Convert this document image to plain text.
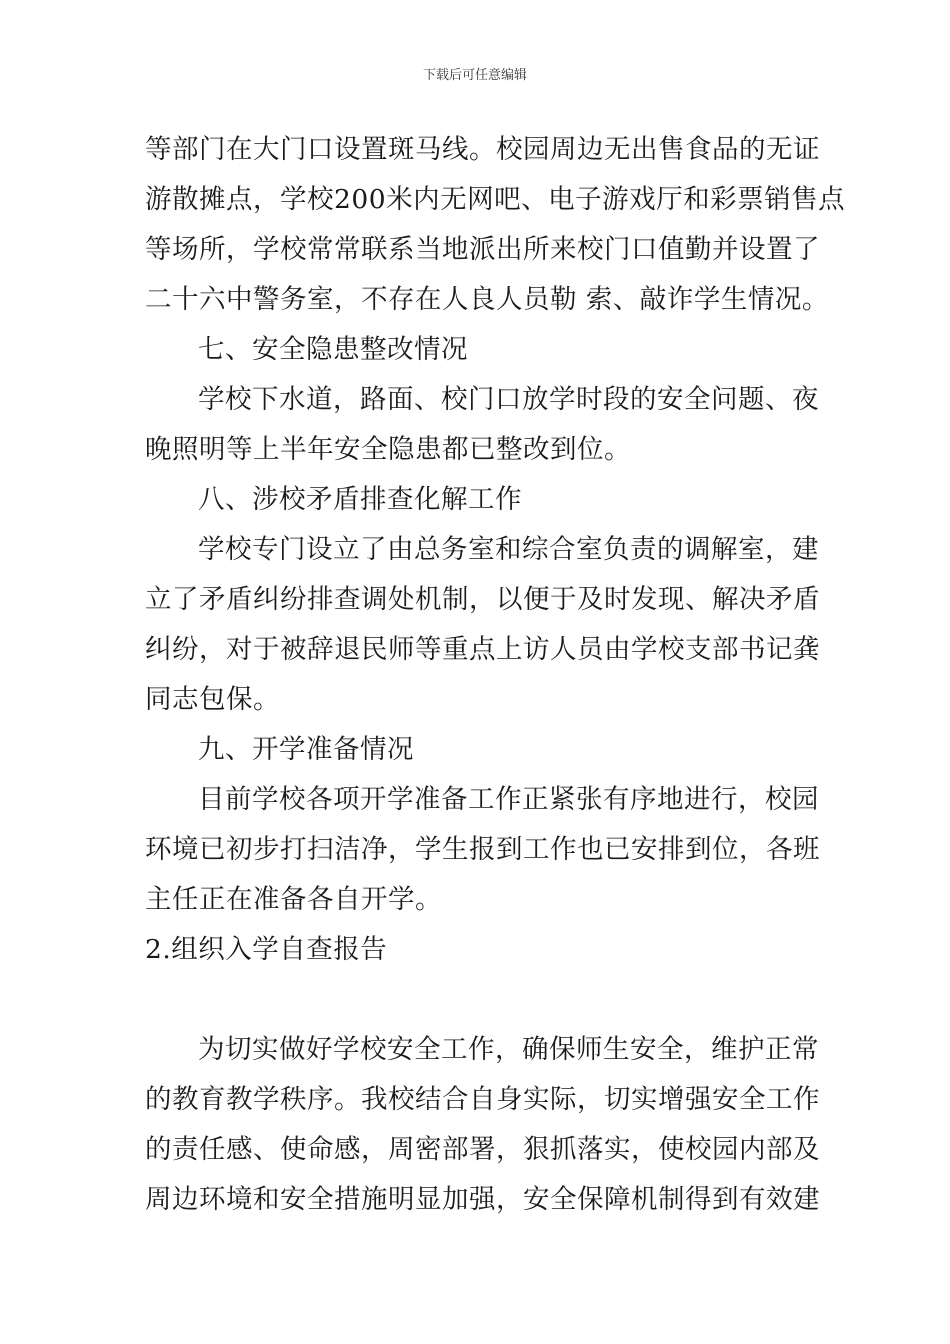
下载后可任意编辑
等部门在大门口设置斑马线。校园周边无出售食品的无证
游散摊点，学校200米内无网吧、电子游戏厅和彩票销售点
等场所，学校常常联系当地派出所来校门口值勤并设置了
二十六中警务室，不存在人良人员勒 索、敲诈学生情况。
七、安全隐患整改情况
学校下水道，路面、校门口放学时段的安全问题、夜
晚照明等上半年安全隐患都已整改到位。
八、涉校矛盾排查化解工作
学校专门设立了由总务室和综合室负责的调解室，建
立了矛盾纠纷排查调处机制，以便于及时发现、解决矛盾
纠纷，对于被辞退民师等重点上访人员由学校支部书记龚
同志包保。
九、开学准备情况
目前学校各项开学准备工作正紧张有序地进行，校园
环境已初步打扫洁净，学生报到工作也已安排到位，各班
主任正在准备各自开学。
2.组织入学自查报告
为切实做好学校安全工作，确保师生安全，维护正常
的教育教学秩序。我校结合自身实际，切实增强安全工作
的责任感、使命感，周密部署，狠抓落实，使校园内部及
周边环境和安全措施明显加强，安全保障机制得到有效建
